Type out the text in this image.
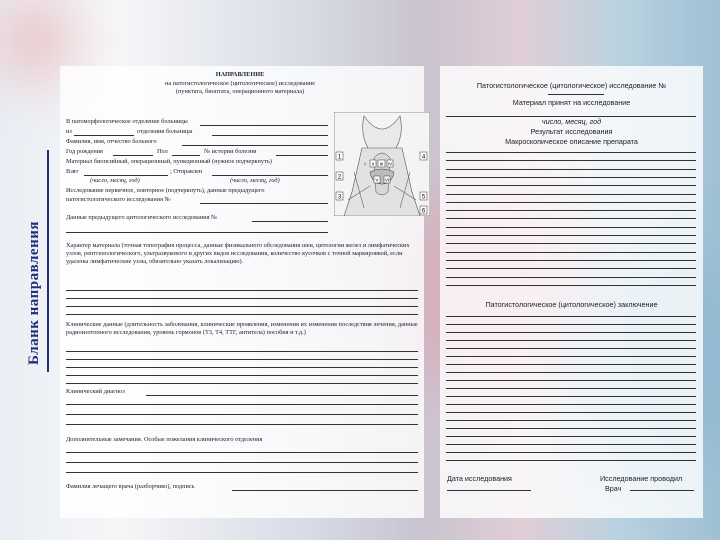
Бланк направления
НАПРАВЛЕНИЕ
на патогистологическое (цитологическое) исследование
(пунктата, биоптата, операционного материала)
В патоморфологическое отделение больницы
из	отделения больницы
Фамилия, имя, отчество больного
Год рождения	Пол	№ истории болезни
Материал биопсийный, операционный, пункционный (нужное подчеркнуть)
Взят	; Отправлен
(число, месяц, год)	(число, месяц, год)
Исследование первичное, повторное (подчеркнуть), данные предыдущего
патогистологического исследования №
Данные предыдущего цитологического исследования №
Характер материала (точная топография процесса, данные физикального обследования шеи, цитологии желез и лимфатических узлов, рентгенологического, ультразвукового и других видов исследования, количество кусочков с точной маркировкой, если удалены лимфатические узлы, обязательно указать локализацию).
Клинические данные (длительность заболевания, клинические проявления, изменения их изменения последствия лечения, данные радиоизотопного исследования, уровень гормонов (Т3, Т4, ТТГ, антитела) пособия и т.д.)
Клинический диагноз
Дополнительные замечания. Особые пожелания клинического отделения
Фамилия лечащего врача (разборчиво), подпись
1
2
3
4
5
6
I II III IV
V VI
Патогистологическое (цитологическое) исследование №
Материал принят на исследование
число, месяц, год
Результат исследования
Макроскопическое описание препарата
Патогистологическое (цитологическое) заключение
Дата исследования	Исследование проводил
Врач
